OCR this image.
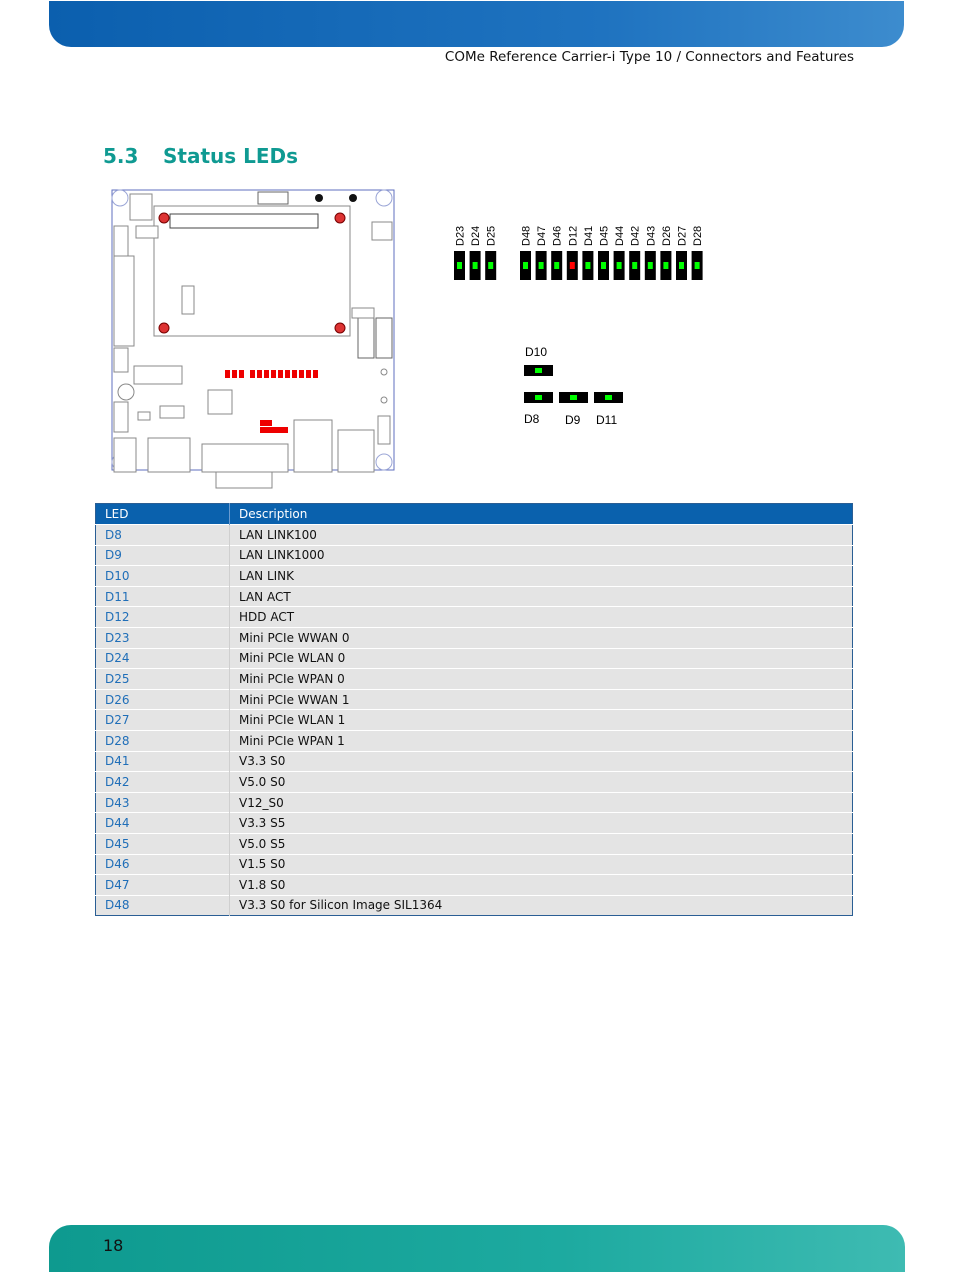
COMe Reference Carrier-i Type 10 / Connectors and Features
5.3 Status LEDs
D23 D24 D25 D48 D47 D46 D12 D41 D45 D44 D42 D43 D26 D27 D28
D10
D8 D9 D11
LED	Description
D8	LAN LINK100
D9	LAN LINK1000
D10	LAN LINK
D11	LAN ACT
D12	HDD ACT
D23	Mini PCIe WWAN 0
D24	Mini PCIe WLAN 0
D25	Mini PCIe WPAN 0
D26	Mini PCIe WWAN 1
D27	Mini PCIe WLAN 1
D28	Mini PCIe WPAN 1
D41	V3.3 S0
D42	V5.0 S0
D43	V12_S0
D44	V3.3 S5
D45	V5.0 S5
D46	V1.5 S0
D47	V1.8 S0
D48	V3.3 S0 for Silicon Image SIL1364
18
